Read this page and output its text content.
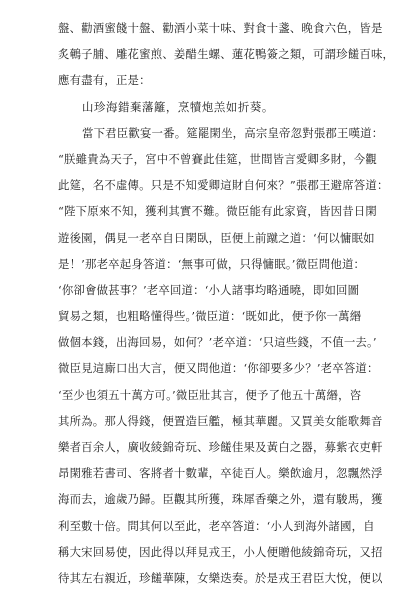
盤、勸酒蜜餞十盤、勸酒小菜十味、對食十盞、晚食六色，皆是
炙鵪子脯、雕花蜜煎、姜醋生螺、蓮花鴨簽之類，可謂珍饈百味，
應有盡有，正是：
山珍海錯棄藩籬，烹犢炮羔如折葵。
當下君臣歡宴一番。筵罷閑坐，高宗皇帝忽對張郡王嘆道：
“朕雖貴為天子，宮中不曾賽此佳筵，世間皆言愛卿多財，今觀
此筵，名不虛傳。只是不知愛卿這財自何來？”張郡王避席答道：
“陛下原來不知，獲利其實不難。微臣能有此家資，皆因昔日閑
遊後園，偶見一老卒自日閑臥，臣便上前蹴之道：‘何以慵眠如
是！’那老卒起身答道：‘無事可做，只得慵眠。’微臣問他道：
‘你卻會做甚事？’老卒回道：‘小人諸事均略通曉，即如回圖
貿易之類，也粗略懂得些。’微臣道：‘既如此，便予你一萬緡
做個本錢，出海回易，如何？’老卒道：‘只這些錢，不值一去。’
微臣見這廝口出大言，便又問他道：‘你卻要多少？’老卒答道：
‘至少也須五十萬方可。’微臣壯其言，便予了他五十萬緡，咨
其所為。那人得錢，便置造巨艦，極其華麗。又買美女能歌舞音
樂者百余人，廣收綾錦奇玩、珍饈佳果及黃白之器，募紫衣吏軒
昂閑雅若書司、客將者十數輩，卒徒百人。樂飲逾月，忽飄然浮
海而去，逾歲乃歸。臣觀其所獲，珠犀香藥之外，還有駿馬，獲
利至數十倍。問其何以至此，老卒答道：‘小人到海外諸國，自
稱大宋回易使，因此得以拜見戎王，小人便贈他綾錦奇玩，又招
待其左右親近，珍饈華陳，女樂迭奏。於是戎王君臣大悅，便以
